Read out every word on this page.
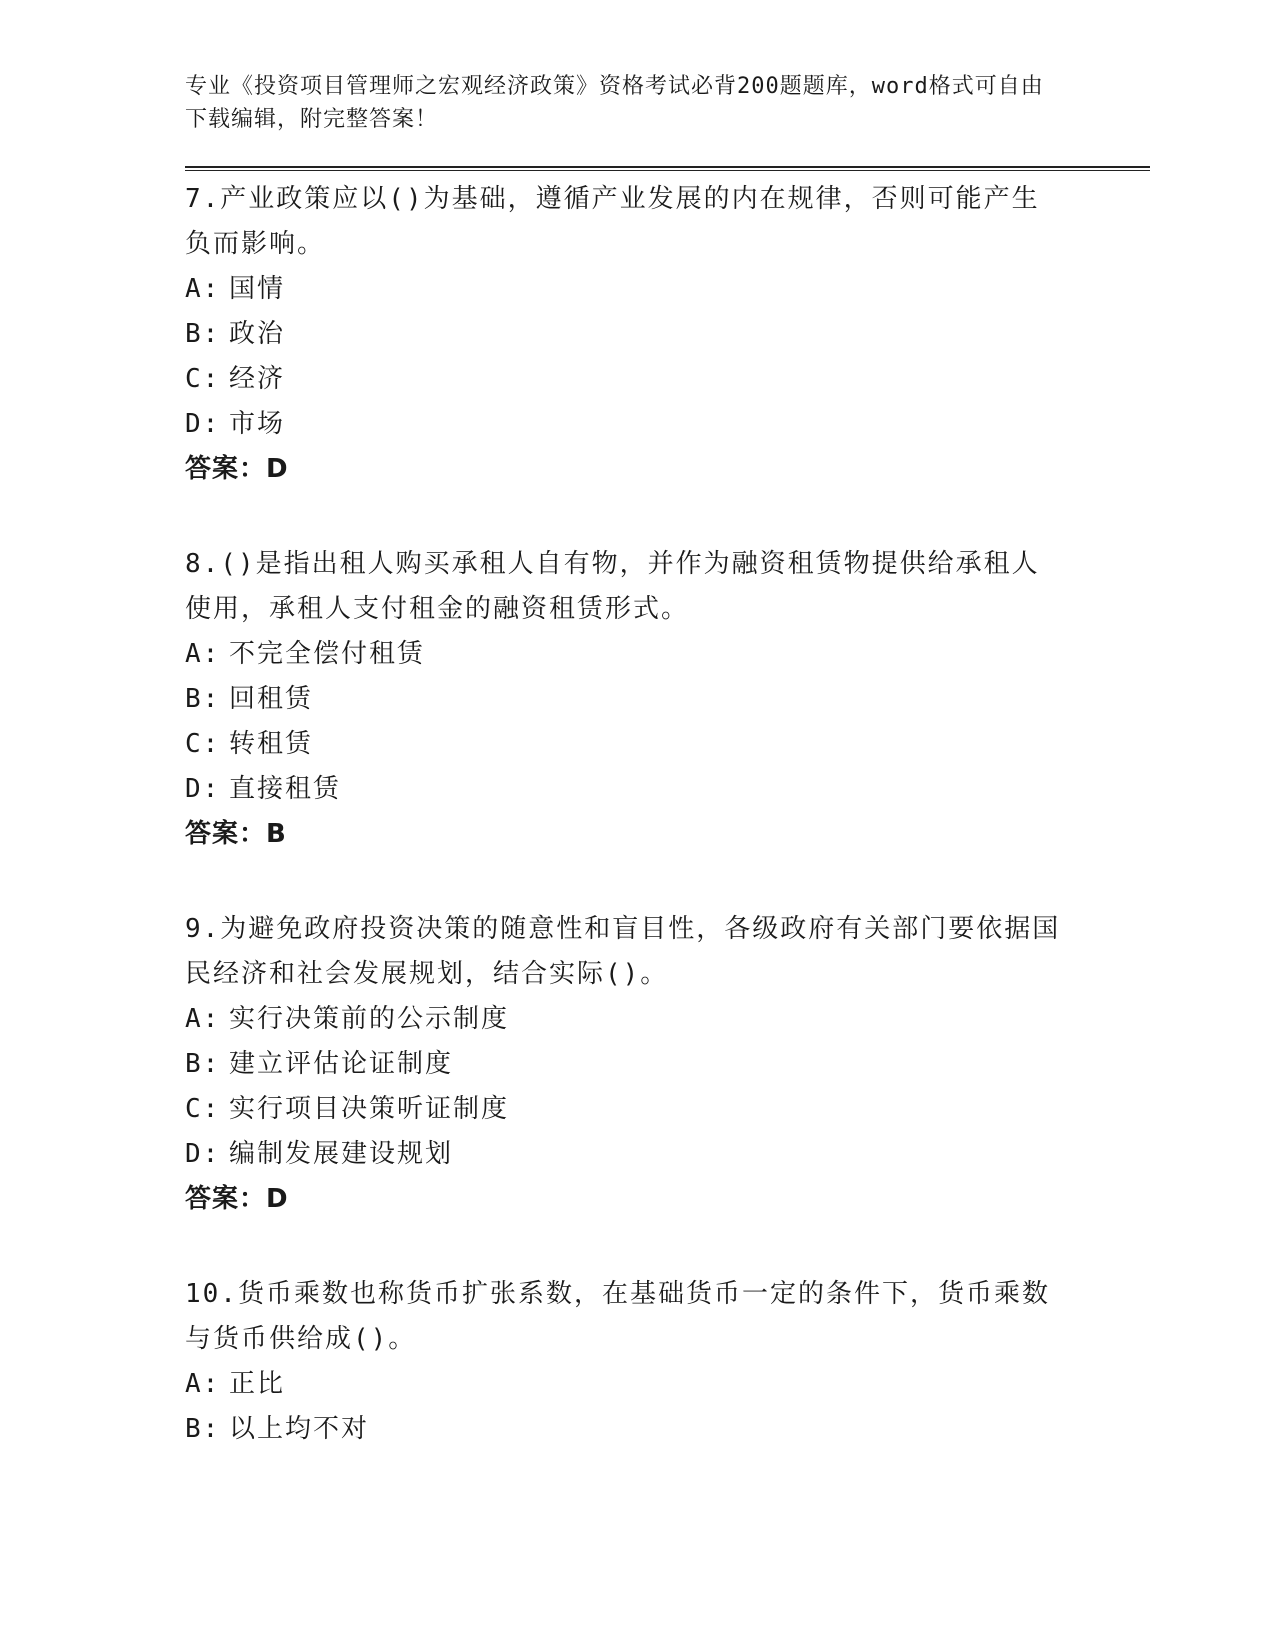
专业《投资项目管理师之宏观经济政策》资格考试必背200题题库，word格式可自由下载编辑，附完整答案！

7.产业政策应以()为基础，遵循产业发展的内在规律，否则可能产生负而影响。

A: 国情
B: 政治
C: 经济
D: 市场
答案：D

8.()是指出租人购买承租人自有物，并作为融资租赁物提供给承租人使用，承租人支付租金的融资租赁形式。

A: 不完全偿付租赁
B: 回租赁
C: 转租赁
D: 直接租赁
答案：B

9.为避免政府投资决策的随意性和盲目性，各级政府有关部门要依据国民经济和社会发展规划，结合实际()。

A: 实行决策前的公示制度
B: 建立评估论证制度
C: 实行项目决策听证制度
D: 编制发展建设规划
答案：D

10.货币乘数也称货币扩张系数，在基础货币一定的条件下，货币乘数与货币供给成()。

A: 正比
B: 以上均不对
